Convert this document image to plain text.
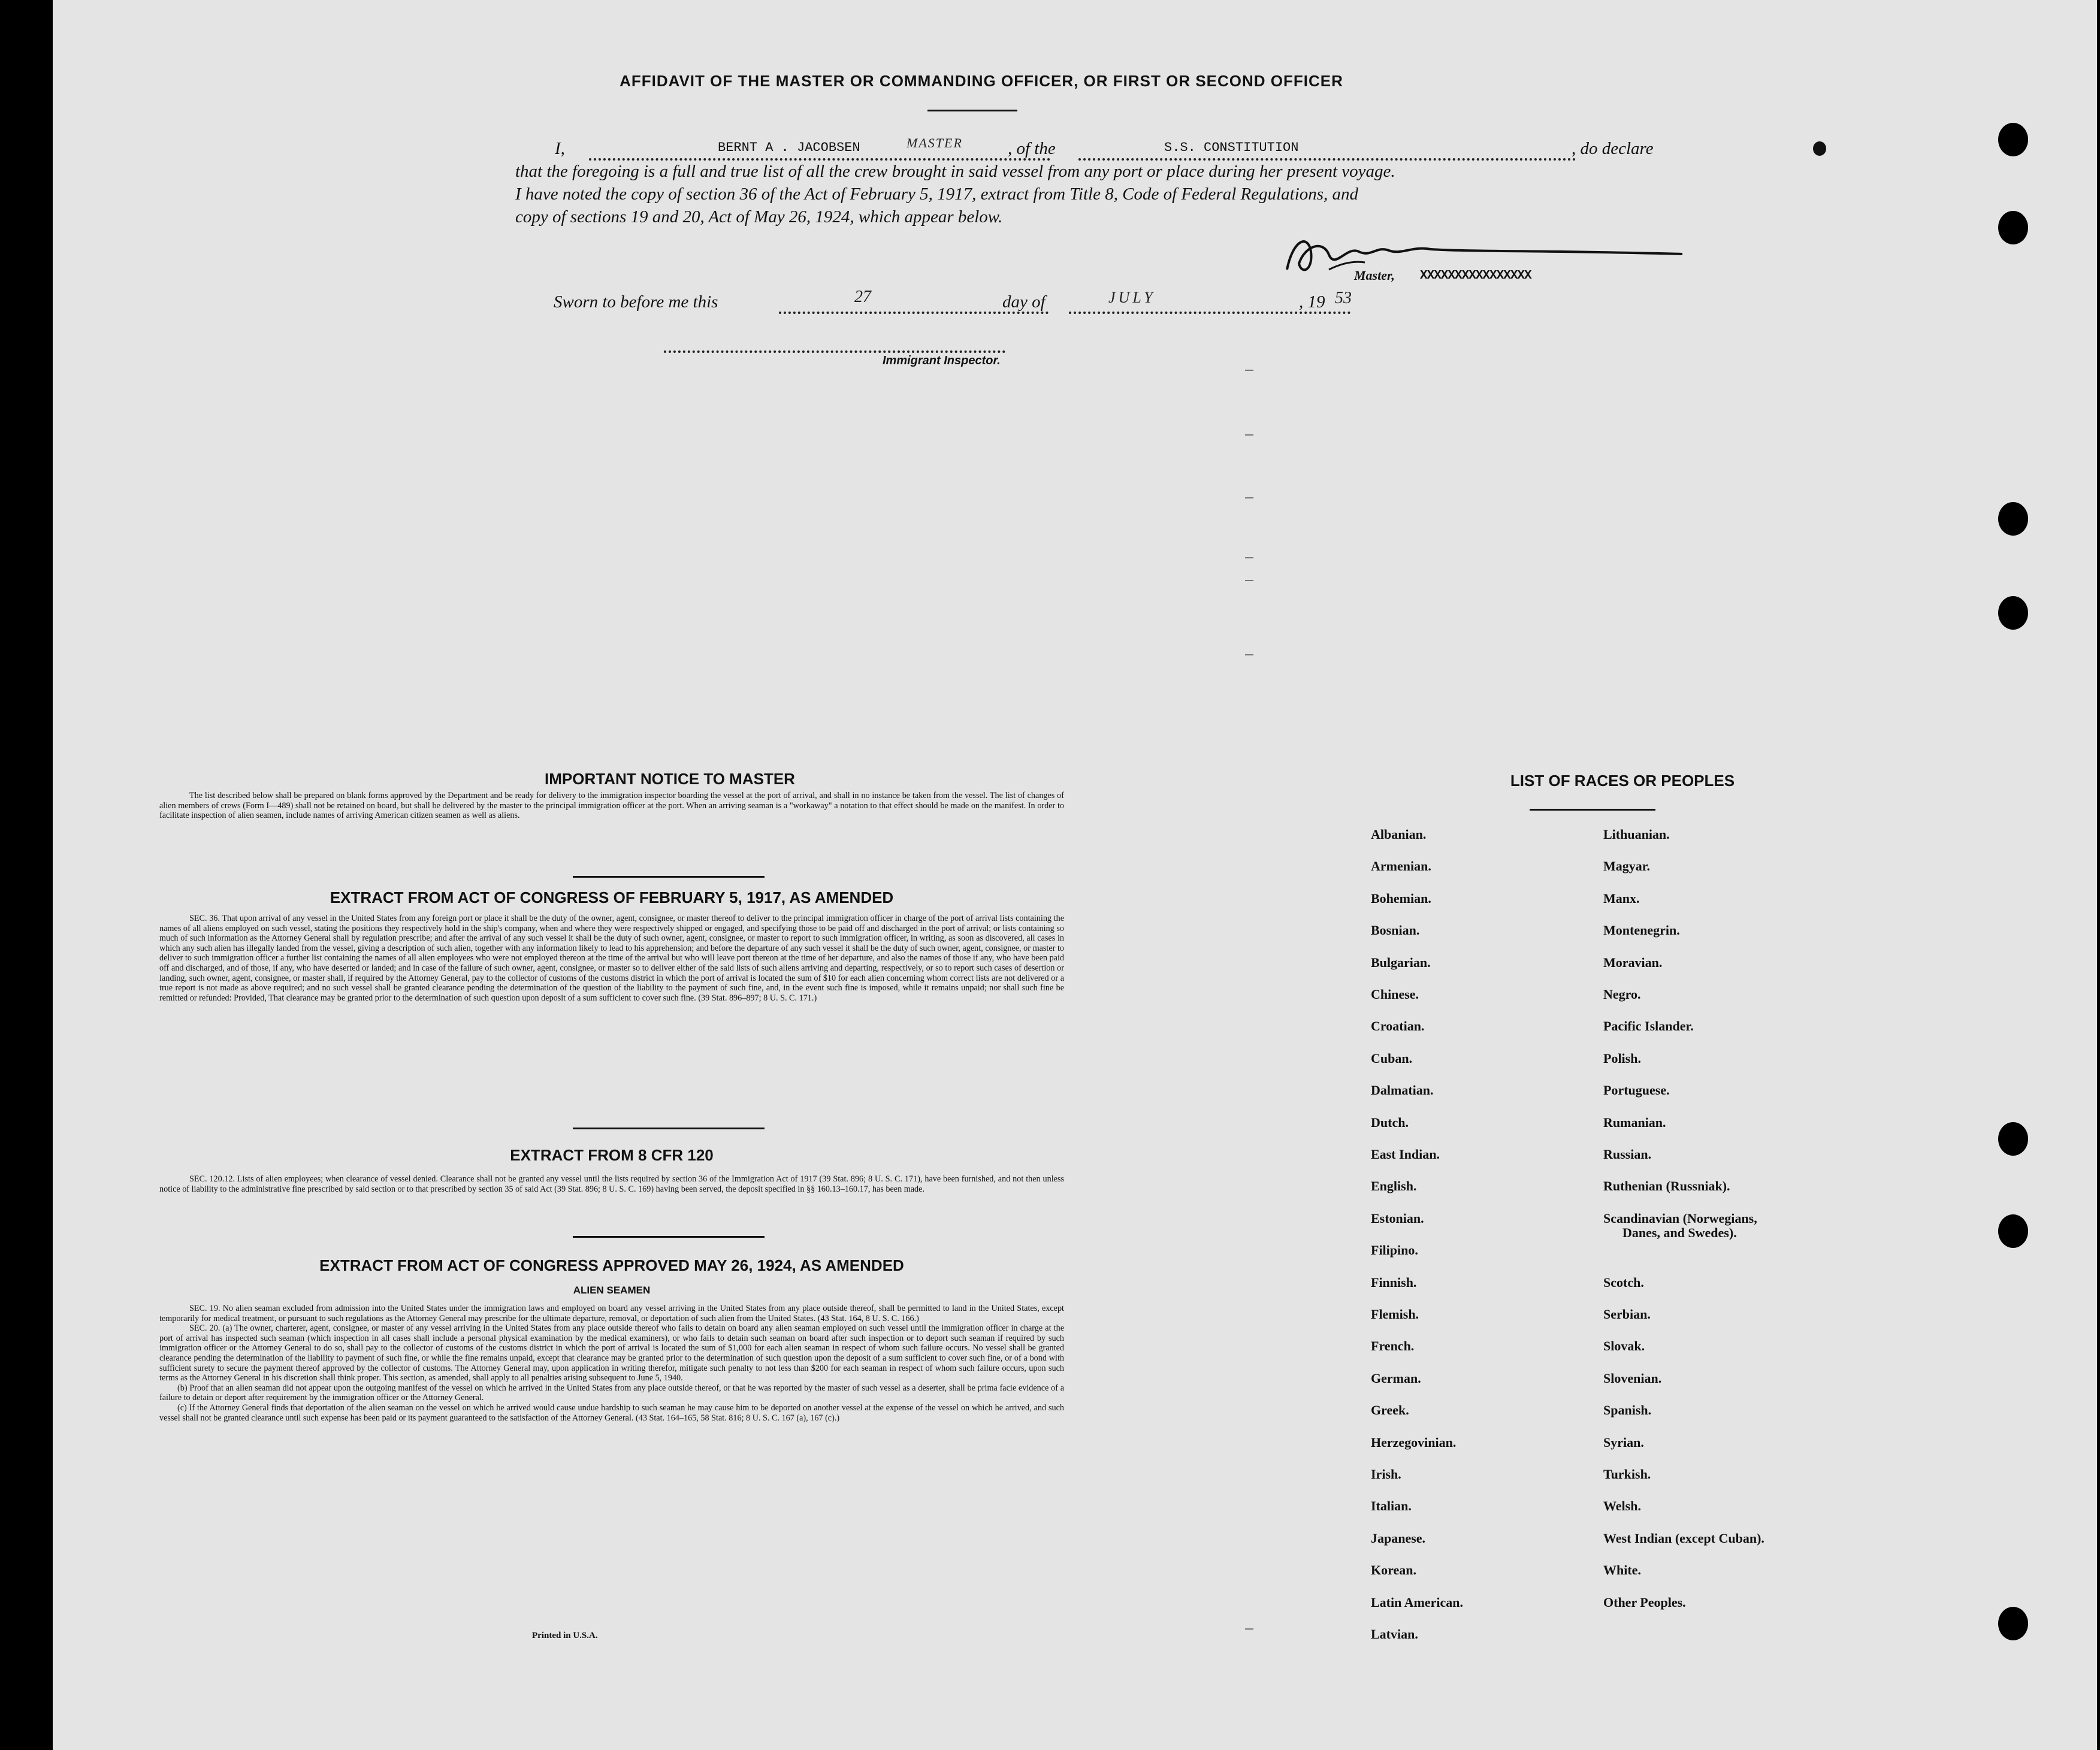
AFFIDAVIT OF THE MASTER OR COMMANDING OFFICER, OR FIRST OR SECOND OFFICER
I,	BERNT A . JACOBSEN	MASTER	, of the	S.S. CONSTITUTION	, do declare
that the foregoing is a full and true list of all the crew brought in said vessel from any port or place during her present voyage.
I have noted the copy of section 36 of the Act of February 5, 1917, extract from Title 8, Code of Federal Regulations, and
copy of sections 19 and 20, Act of May 26, 1924, which appear below.
Master, XXXXXXXXXXXXXXXX
Sworn to before me this	27	day of	JULY	, 19 53
Immigrant Inspector.
IMPORTANT NOTICE TO MASTER
The list described below shall be prepared on blank forms approved by the Department and be ready for delivery to the immigration inspector boarding the vessel at the port of arrival, and shall in no instance be taken from the vessel. The list of changes of alien members of crews (Form I—489) shall not be retained on board, but shall be delivered by the master to the principal immigration officer at the port. When an arriving seaman is a "workaway" a notation to that effect should be made on the manifest. In order to facilitate inspection of alien seamen, include names of arriving American citizen seamen as well as aliens.
EXTRACT FROM ACT OF CONGRESS OF FEBRUARY 5, 1917, AS AMENDED
SEC. 36. That upon arrival of any vessel in the United States from any foreign port or place it shall be the duty of the owner, agent, consignee, or master thereof to deliver to the principal immigration officer in charge of the port of arrival lists containing the names of all aliens employed on such vessel, stating the positions they respectively hold in the ship's company, when and where they were respectively shipped or engaged, and specifying those to be paid off and discharged in the port of arrival; or lists containing so much of such information as the Attorney General shall by regulation prescribe; and after the arrival of any such vessel it shall be the duty of such owner, agent, consignee, or master to report to such immigration officer, in writing, as soon as discovered, all cases in which any such alien has illegally landed from the vessel, giving a description of such alien, together with any information likely to lead to his apprehension; and before the departure of any such vessel it shall be the duty of such owner, agent, consignee, or master to deliver to such immigration officer a further list containing the names of all alien employees who were not employed thereon at the time of the arrival but who will leave port thereon at the time of her departure, and also the names of those if any, who have been paid off and discharged, and of those, if any, who have deserted or landed; and in case of the failure of such owner, agent, consignee, or master so to deliver either of the said lists of such aliens arriving and departing, respectively, or so to report such cases of desertion or landing, such owner, agent, consignee, or master shall, if required by the Attorney General, pay to the collector of customs of the customs district in which the port of arrival is located the sum of $10 for each alien concerning whom correct lists are not delivered or a true report is not made as above required; and no such vessel shall be granted clearance pending the determination of the question of the liability to the payment of such fine, and, in the event such fine is imposed, while it remains unpaid; nor shall such fine be remitted or refunded: Provided, That clearance may be granted prior to the determination of such question upon deposit of a sum sufficient to cover such fine. (39 Stat. 896–897; 8 U. S. C. 171.)
EXTRACT FROM 8 CFR 120
SEC. 120.12. Lists of alien employees; when clearance of vessel denied. Clearance shall not be granted any vessel until the lists required by section 36 of the Immigration Act of 1917 (39 Stat. 896; 8 U. S. C. 171), have been furnished, and not then unless notice of liability to the administrative fine prescribed by said section or to that prescribed by section 35 of said Act (39 Stat. 896; 8 U. S. C. 169) having been served, the deposit specified in §§ 160.13–160.17, has been made.
EXTRACT FROM ACT OF CONGRESS APPROVED MAY 26, 1924, AS AMENDED
ALIEN SEAMEN

SEC. 19. No alien seaman excluded from admission into the United States under the immigration laws and employed on board any vessel arriving in the United States from any place outside thereof, shall be permitted to land in the United States, except temporarily for medical treatment, or pursuant to such regulations as the Attorney General may prescribe for the ultimate departure, removal, or deportation of such alien from the United States. (43 Stat. 164, 8 U. S. C. 166.)

SEC. 20. (a) The owner, charterer, agent, consignee, or master of any vessel arriving in the United States from any place outside thereof who fails to detain on board any alien seaman employed on such vessel until the immigration officer in charge at the port of arrival has inspected such seaman (which inspection in all cases shall include a personal physical examination by the medical examiners), or who fails to detain such seaman on board after such inspection or to deport such seaman if required by such immigration officer or the Attorney General to do so, shall pay to the collector of customs of the customs district in which the port of arrival is located the sum of $1,000 for each alien seaman in respect of whom such failure occurs. No vessel shall be granted clearance pending the determination of the liability to payment of such fine, or while the fine remains unpaid, except that clearance may be granted prior to the determination of such question upon the deposit of a sum sufficient to cover such fine, or of a bond with sufficient surety to secure the payment thereof approved by the collector of customs. The Attorney General may, upon application in writing therefor, mitigate such penalty to not less than $200 for each seaman in respect of whom such failure occurs, upon such terms as the Attorney General in his discretion shall think proper. This section, as amended, shall apply to all penalties arising subsequent to June 5, 1940.

(b) Proof that an alien seaman did not appear upon the outgoing manifest of the vessel on which he arrived in the United States from any place outside thereof, or that he was reported by the master of such vessel as a deserter, shall be prima facie evidence of a failure to detain or deport after requirement by the immigration officer or the Attorney General.

(c) If the Attorney General finds that deportation of the alien seaman on the vessel on which he arrived would cause undue hardship to such seaman he may cause him to be deported on another vessel at the expense of the vessel on which he arrived, and such vessel shall not be granted clearance until such expense has been paid or its payment guaranteed to the satisfaction of the Attorney General. (43 Stat. 164–165, 58 Stat. 816; 8 U. S. C. 167 (a), 167 (c).)

Printed in U.S.A.
LIST OF RACES OR PEOPLES
Albanian.
Armenian.
Bohemian.
Bosnian.
Bulgarian.
Chinese.
Croatian.
Cuban.
Dalmatian.
Dutch.
East Indian.
English.
Estonian.
Filipino.
Finnish.
Flemish.
French.
German.
Greek.
Herzegovinian.
Irish.
Italian.
Japanese.
Korean.
Latin American.
Latvian.
Lithuanian.
Magyar.
Manx.
Montenegrin.
Moravian.
Negro.
Pacific Islander.
Polish.
Portuguese.
Rumanian.
Russian.
Ruthenian (Russniak).
Scandinavian (Norwegians,
Danes, and Swedes).
Scotch.
Serbian.
Slovak.
Slovenian.
Spanish.
Syrian.
Turkish.
Welsh.
West Indian (except Cuban).
White.
Other Peoples.
